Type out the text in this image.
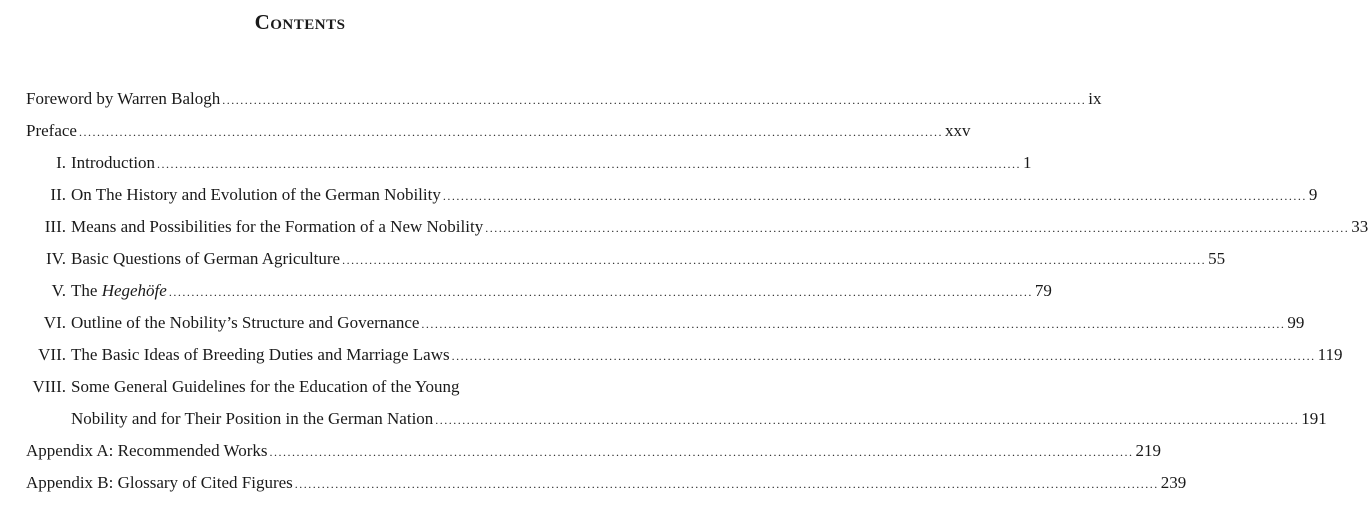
Contents
Foreword by Warren Balogh .....	ix
Preface .....	xxv
I. Introduction .....	1
II. On The History and Evolution of the German Nobility .....	9
III. Means and Possibilities for the Formation of a New Nobility .....	33
IV. Basic Questions of German Agriculture .....	55
V. The Hegehöfe .....	79
VI. Outline of the Nobility’s Structure and Governance .....	99
VII. The Basic Ideas of Breeding Duties and Marriage Laws .....	119
VIII. Some General Guidelines for the Education of the Young
Nobility and for Their Position in the German Nation .....	191
Appendix A: Recommended Works .....	219
Appendix B: Glossary of Cited Figures .....	239
